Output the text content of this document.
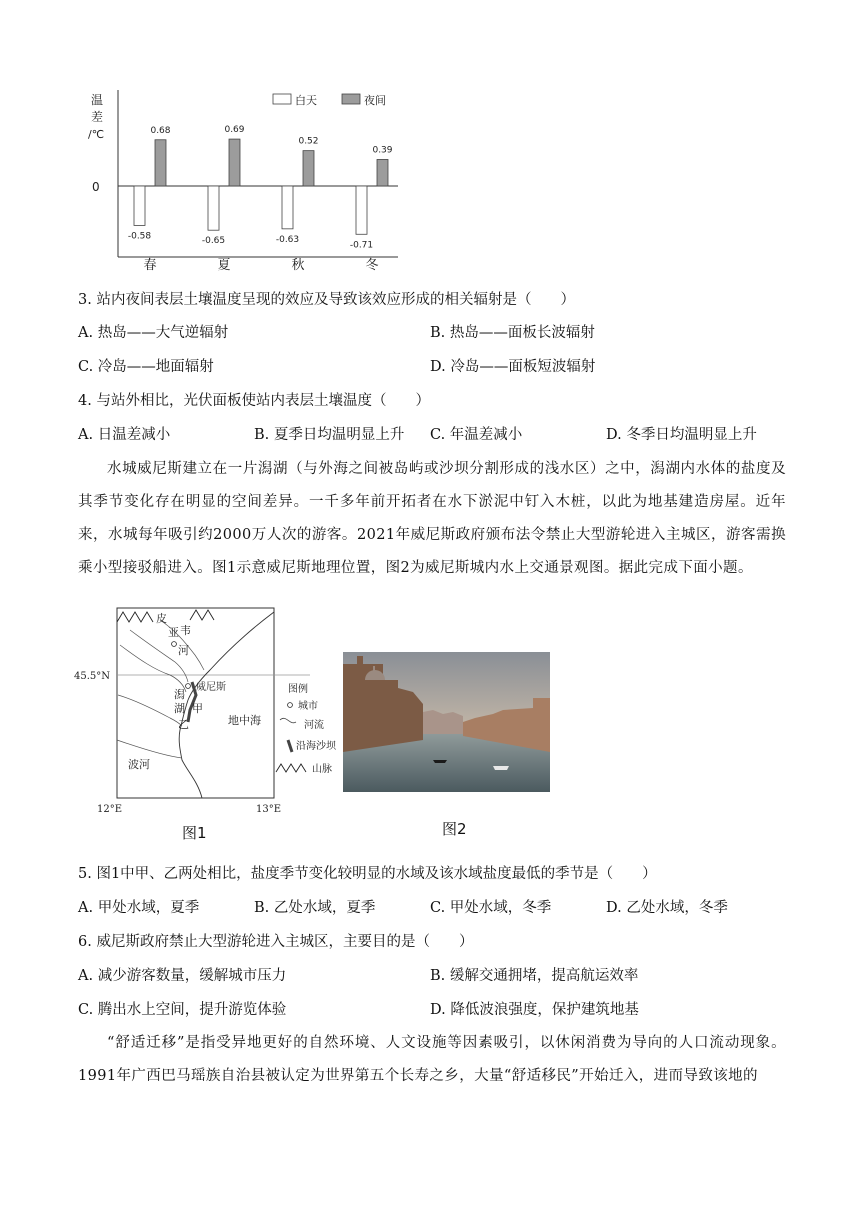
0
温
差
/℃
白天	夜间
-0.58
0.68
春
-0.65
0.69
夏
-0.63
0.52
秋
-0.71
0.39
冬
3. 站内夜间表层土壤温度呈现的效应及导致该效应形成的相关辐射是（　　）
A. 热岛——大气逆辐射	B. 热岛——面板长波辐射
C. 冷岛——地面辐射	D. 冷岛——面板短波辐射
4. 与站外相比，光伏面板使站内表层土壤温度（　　）
A. 日温差减小	B. 夏季日均温明显上升 C. 年温差减小	D. 冬季日均温明显上升

水城威尼斯建立在一片潟湖（与外海之间被岛屿或沙坝分割形成的浅水区）之中，潟湖内水体的盐度及其季节变化存在明显的空间差异。一千多年前开拓者在水下淤泥中钉入木桩，以此为地基建造房屋。近年来，水城每年吸引约2000万人次的游客。2021年威尼斯政府颁布法令禁止大型游轮进入主城区，游客需换乘小型接驳船进入。图1示意威尼斯地理位置，图2为威尼斯城内水上交通景观图。据此完成下面小题。

皮
亚 韦
河
威尼斯
潟
湖 甲
乙	地中海
波河
45.5°N
12°E	13°E
图例
城市
河流
沿海沙坝
山脉
图1	图2
5. 图1中甲、乙两处相比，盐度季节变化较明显的水域及该水域盐度最低的季节是（　　）
A. 甲处水域，夏季	B. 乙处水域，夏季	C. 甲处水域，冬季	D. 乙处水域，冬季
6. 威尼斯政府禁止大型游轮进入主城区，主要目的是（　　）
A. 减少游客数量，缓解城市压力	B. 缓解交通拥堵，提高航运效率
C. 腾出水上空间，提升游览体验	D. 降低波浪强度，保护建筑地基

“舒适迁移”是指受异地更好的自然环境、人文设施等因素吸引，以休闲消费为导向的人口流动现象。1991年广西巴马瑶族自治县被认定为世界第五个长寿之乡，大量“舒适移民”开始迁入，进而导致该地的
